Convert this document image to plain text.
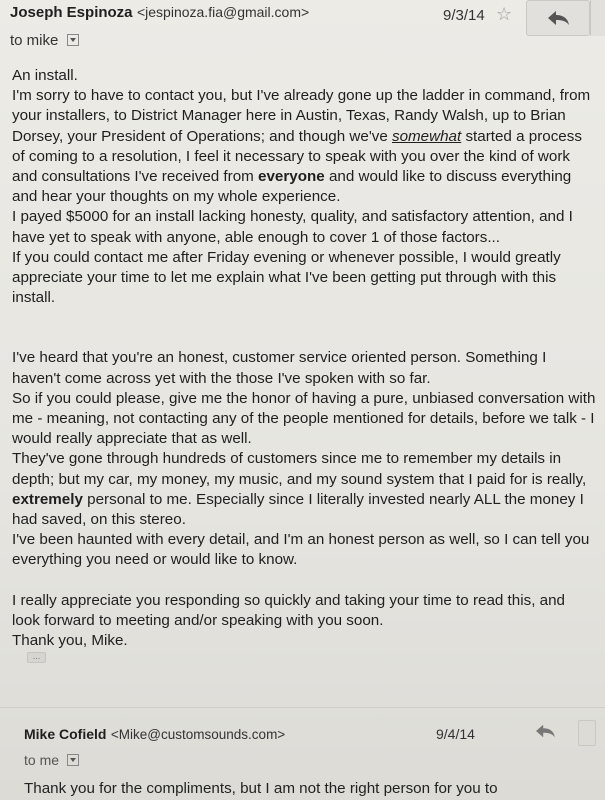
Joseph Espinoza <jespinoza.fia@gmail.com>	9/3/14 ☆
to mike

An install.

I'm sorry to have to contact you, but I've already gone up the ladder in command, from your installers, to District Manager here in Austin, Texas, Randy Walsh, up to Brian Dorsey, your President of Operations; and though we've somewhat started a process of coming to a resolution, I feel it necessary to speak with you over the kind of work and consultations I've received from everyone and would like to discuss everything and hear your thoughts on my whole experience.

I payed $5000 for an install lacking honesty, quality, and satisfactory attention, and I have yet to speak with anyone, able enough to cover 1 of those factors...

If you could contact me after Friday evening or whenever possible, I would greatly appreciate your time to let me explain what I've been getting put through with this install.

I've heard that you're an honest, customer service oriented person. Something I haven't come across yet with the those I've spoken with so far.

So if you could please, give me the honor of having a pure, unbiased conversation with me - meaning, not contacting any of the people mentioned for details, before we talk - I would really appreciate that as well.

They've gone through hundreds of customers since me to remember my details in depth; but my car, my money, my music, and my sound system that I paid for is really, extremely personal to me. Especially since I literally invested nearly ALL the money I had saved, on this stereo.

I've been haunted with every detail, and I'm an honest person as well, so I can tell you everything you need or would like to know.

I really appreciate you responding so quickly and taking your time to read this, and look forward to meeting and/or speaking with you soon.

Thank you, Mike.

...
Mike Cofield <Mike@customsounds.com>	9/4/14
to me
Thank you for the compliments, but I am not the right person for you to
